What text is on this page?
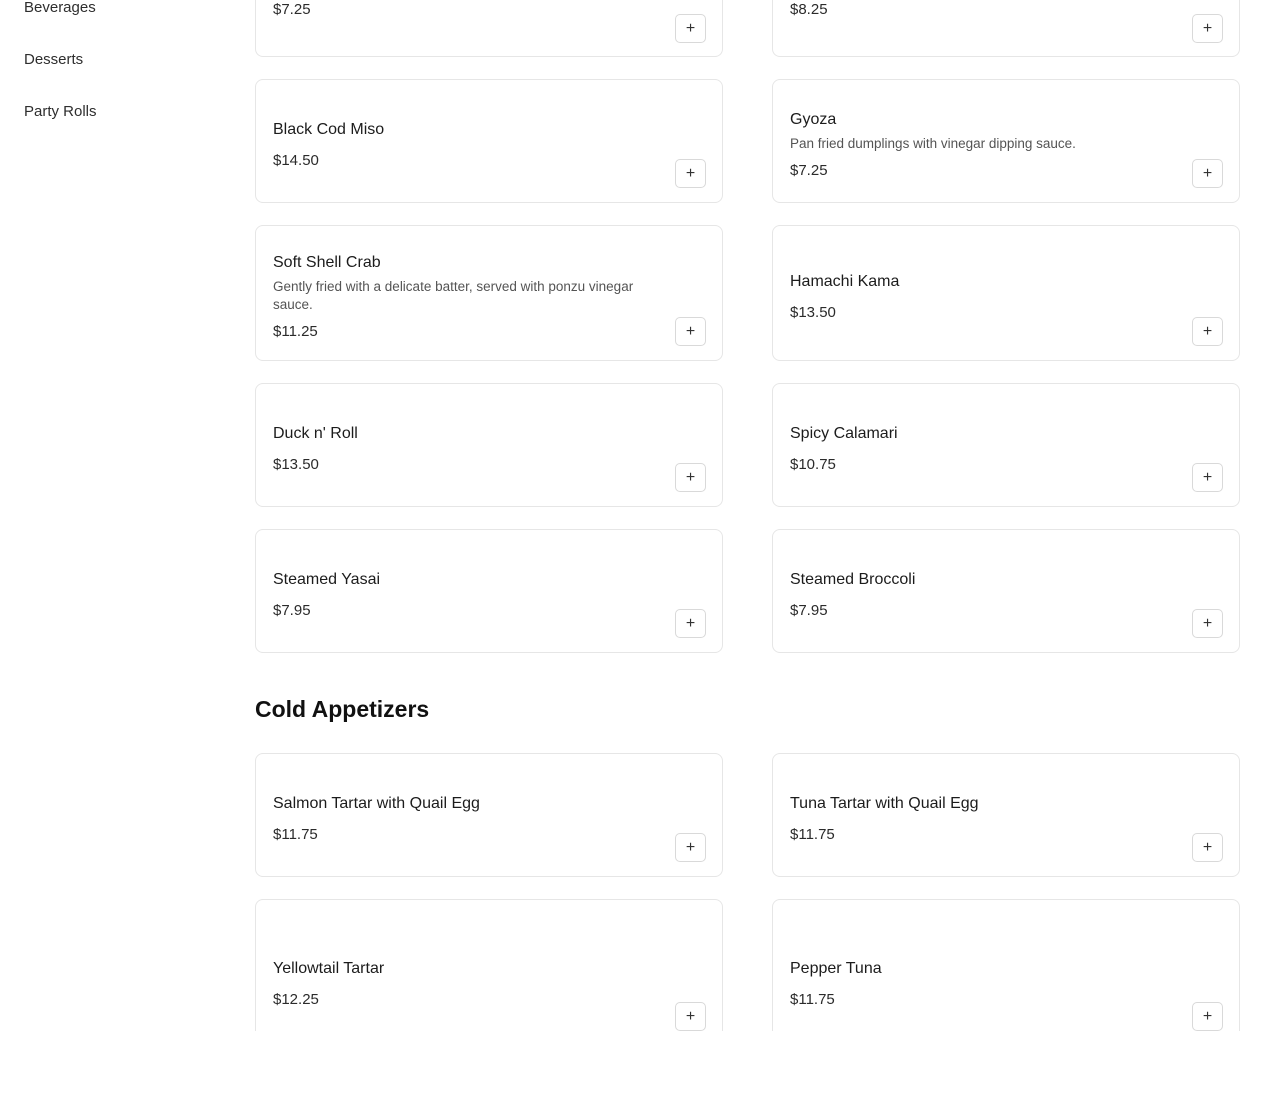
Beverages
Desserts
Party Rolls
$7.25
+
$8.25
+
Black Cod Miso
$14.50
+
Gyoza
Pan fried dumplings with vinegar dipping sauce.
$7.25	+
Soft Shell Crab
Gently fried with a delicate batter, served with ponzu vinegar sauce.
$11.25	+
Hamachi Kama
$13.50
+
Duck n' Roll
$13.50
+
Spicy Calamari
$10.75
+
Steamed Yasai
$7.95
+
Steamed Broccoli
$7.95
+
Cold Appetizers
Salmon Tartar with Quail Egg
$11.75
+
Tuna Tartar with Quail Egg
$11.75
+
Yellowtail Tartar
$12.25
+
Pepper Tuna
$11.75
+
